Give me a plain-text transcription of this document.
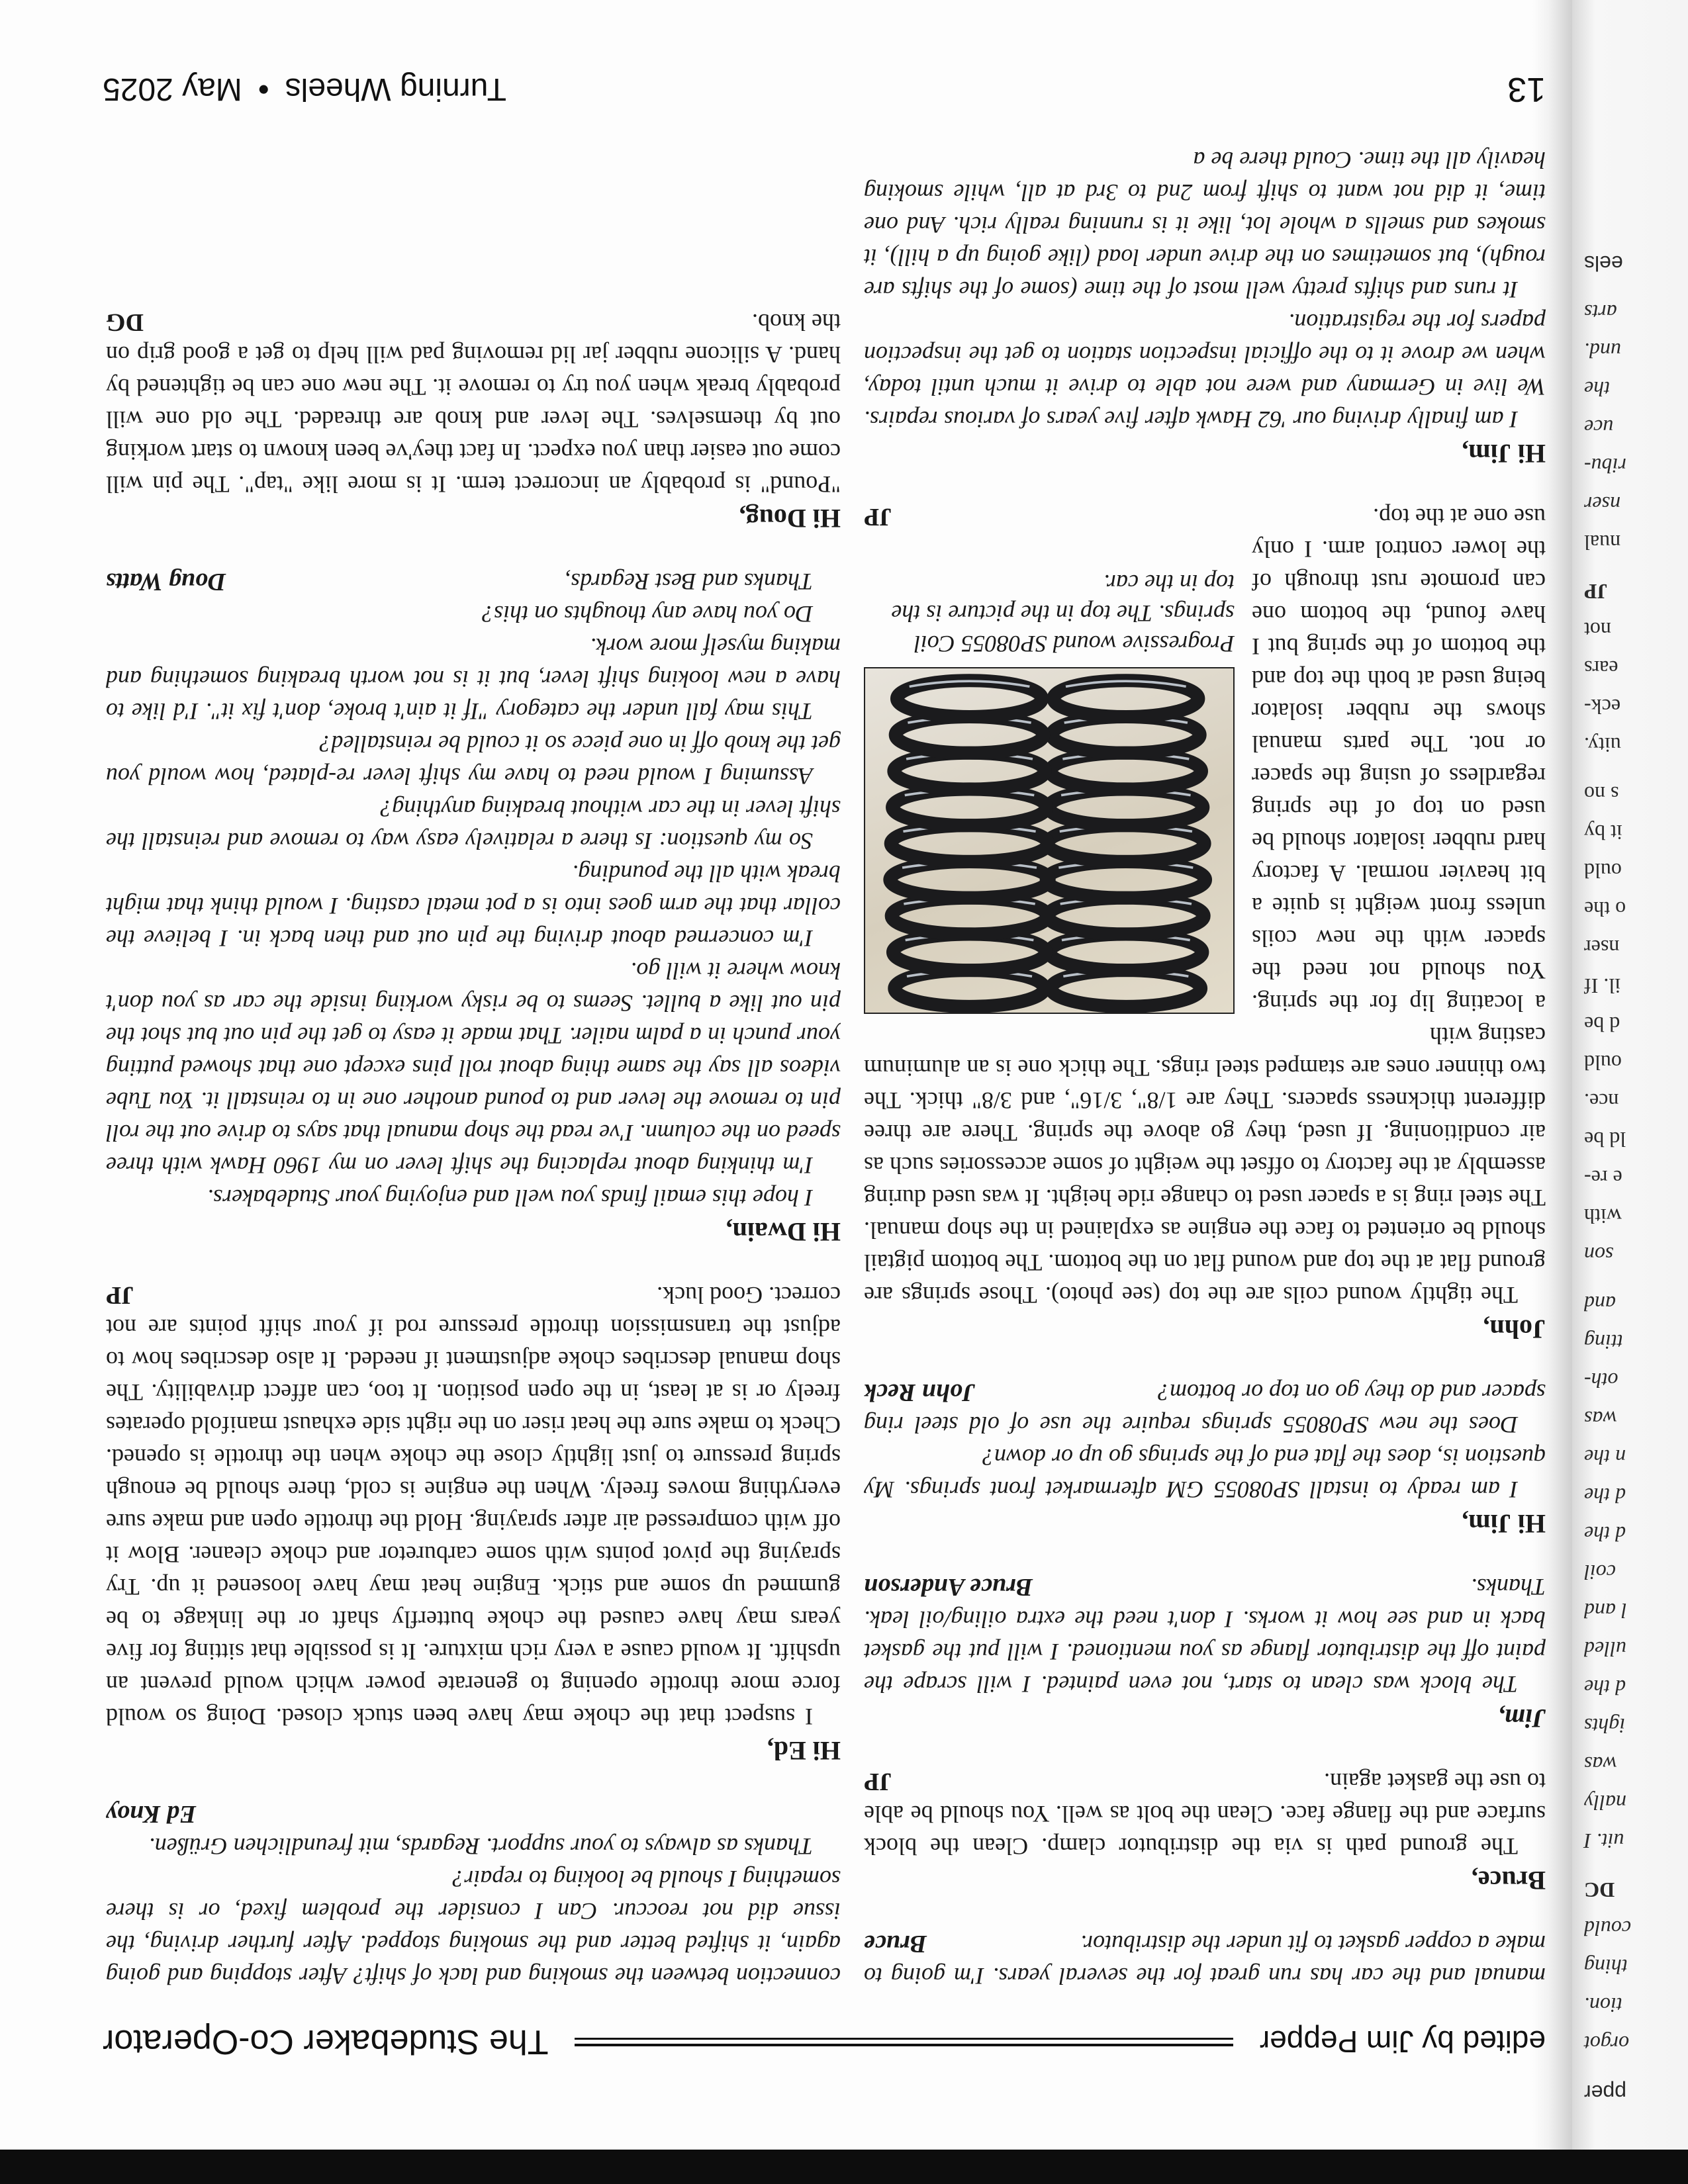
pper
orgot
tion.
thing
could
DC
uit. I
nally
was
ights
d the
ulled
l and
coil
d the
d the
n the
was
oth-
tting
and
son
with
e re-
ld be
nce.
ould
d be
il. If
nser
o the
ould
it by
s no
uity.
eck-
ears
not
JP
nual
nser
ribu-
uce
the
und.
arts
eels
edited by Jim Pepper
The Studebaker Co-Operator

manual and the car has run great for the several years. I'm going to make a copper gasket to fit under the distributor.
Bruce

Bruce,

The ground path is via the distributor clamp. Clean the block surface and the flange face. Clean the bolt as well. You should be able to use the gasket again.
JP

Jim,

The block was clean to start, not even painted. I will scrape the paint off the distributor flange as you mentioned. I will put the gasket back in and see how it works. I don't need the extra oiling/oil leak. Thanks.
Bruce Anderson

Hi Jim,

I am ready to install SP08055 GM aftermarket front springs. My question is, does the flat end of the springs go up or down?

Does the new SP08055 springs require the use of old steel ring spacer and do they go on top or bottom?
John Reck

John,

The tightly wound coils are the top (see photo). Those springs are ground flat at the top and wound flat on the bottom. The bottom pigtail should be oriented to face the engine as explained in the shop manual. The steel ring is a spacer used to change ride height. It was used during assembly at the factory to offset the weight of some accessories such as air conditioning. If used, they go above the spring. There are three different thickness spacers. They are 1/8", 3/16", and 3/8" thick. The two thinner ones are stamped steel rings. The thick one is an aluminum casting with

Progressive wound SP08055 Coil springs. The top in the picture is the top in the car.

a locating lip for the spring. You should not need the spacer with the new coils unless front weight is quite a bit heavier normal. A factory hard rubber isolator should be used on top of the spring regardless of using the spacer or not. The parts manual shows the rubber isolator being used at both the top and the bottom of the spring but I have found, the bottom one can promote rust through of the lower control arm. I only use one at the top.
JP

Hi Jim,

I am finally driving our '62 Hawk after five years of various repairs. We live in Germany and were not able to drive it much until today, when we drove it to the official inspection station to get the inspection papers for the registration.

It runs and shifts pretty well most of the time (some of the shifts are rough), but sometimes on the drive under load (like going up a hill), it smokes and smells a whole lot, like it is running really rich. And one time, it did not want to shift from 2nd to 3rd at all, while smoking heavily all the time. Could there be a

connection between the smoking and lack of shift? After stopping and going again, it shifted better and the smoking stopped. After further driving, the issue did not reoccur. Can I consider the problem fixed, or is there something I should be looking to repair?

Thanks as always to your support. Regards, mit freundlichen Grüßen.
Ed Knoy

Hi Ed,

I suspect that the choke may have been stuck closed. Doing so would force more throttle opening to generate power which would prevent an upshift. It would cause a very rich mixture. It is possible that sitting for five years may have caused the choke butterfly shaft or the linkage to be gummed up some and stick. Engine heat may have loosened it up. Try spraying the pivot points with some carburetor and choke cleaner. Blow it off with compressed air after spraying. Hold the throttle open and make sure everything moves freely. When the engine is cold, there should be enough spring pressure to just lightly close the choke when the throttle is opened. Check to make sure the heat riser on the right side exhaust manifold operates freely or is at least, in the open position. It too, can affect drivability. The shop manual describes choke adjustment if needed. It also describes how to adjust the transmission throttle pressure rod if your shift points are not correct. Good luck.
JP

Hi Dwain,

I hope this email finds you well and enjoying your Studebakers.

I'm thinking about replacing the shift lever on my 1960 Hawk with three speed on the column. I've read the shop manual that says to drive out the roll pin to remove the lever and to pound another one in to reinstall it. You Tube videos all say the same thing about roll pins except one that showed putting your punch in a palm nailer. That made it easy to get the pin out but shot the pin out like a bullet. Seems to be risky working inside the car as you don't know where it will go.

I'm concerned about driving the pin out and then back in. I believe the collar that the arm goes into is a pot metal casting. I would think that might break with all the pounding.

So my question: Is there a relatively easy way to remove and reinstall the shift lever in the car without breaking anything?

Assuming I would need to have my shift lever re-plated, how would you get the knob off in one piece so it could be reinstalled?

This may fall under the category "If it ain't broke, don't fix it". I'd like to have a new looking shift lever, but it is not worth breaking something and making myself more work.

Do you have any thoughts on this?

Thanks and Best Regards,
Doug Watts

Hi Doug,

"Pound" is probably an incorrect term. It is more like "tap". The pin will come out easier than you expect. In fact they've been known to start working out by themselves. The lever and knob are threaded. The old one will probably break when you try to remove it. The new one can be tightened by hand. A silicone rubber jar lid removing pad will help to get a good grip on the knob.
DG

13
Turning Wheels•May 2025
